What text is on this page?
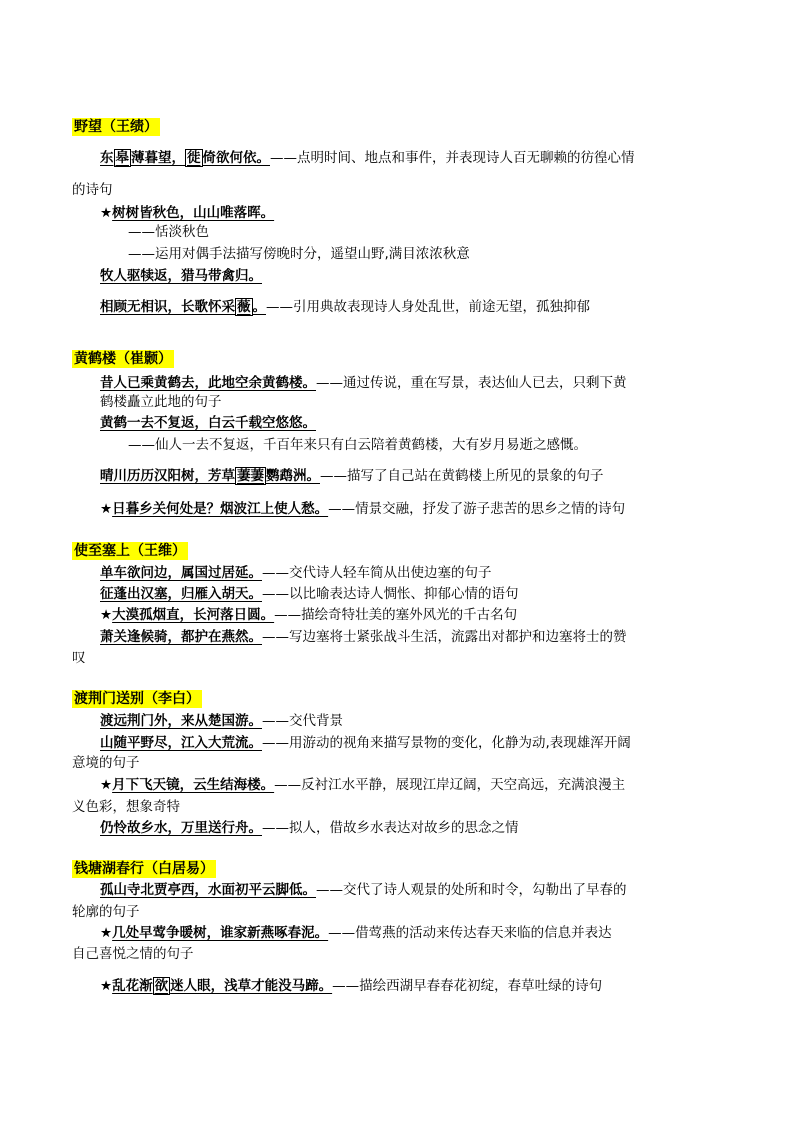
野望（王绩）
东 皋 薄暮望， 徙 倚欲何依。——点明时间、地点和事件，并表现诗人百无聊赖的彷徨心情
的诗句
★树树皆秋色，山山唯落晖。
——恬淡秋色
——运用对偶手法描写傍晚时分，遥望山野,满目浓浓秋意
牧人驱犊返，猎马带禽归。
相顾无相识，长歌怀采 薇 。——引用典故表现诗人身处乱世，前途无望，孤独抑郁
黄鹤楼（崔颢）
昔人已乘黄鹤去，此地空余黄鹤楼。——通过传说，重在写景，表达仙人已去，只剩下黄
鹤楼矗立此地的句子
黄鹤一去不复返，白云千载空悠悠。
——仙人一去不复返，千百年来只有白云陪着黄鹤楼，大有岁月易逝之感慨。
晴川历历汉阳树，芳草 萋萋 鹦鹉洲。——描写了自己站在黄鹤楼上所见的景象的句子
★日暮乡关何处是？烟波江上使人愁。——情景交融，抒发了游子悲苦的思乡之情的诗句
使至塞上（王维）
单车欲问边，属国过居延。——交代诗人轻车简从出使边塞的句子
征蓬出汉塞，归雁入胡天。——以比喻表达诗人惆怅、抑郁心情的语句
★大漠孤烟直，长河落日圆。——描绘奇特壮美的塞外风光的千古名句
萧关逢候骑，都护在燕然。——写边塞将士紧张战斗生活，流露出对都护和边塞将士的赞
叹
渡荆门送别（李白）
渡远荆门外，来从楚国游。——交代背景
山随平野尽，江入大荒流。——用游动的视角来描写景物的变化，化静为动,表现雄浑开阔
意境的句子
★月下飞天镜，云生结海楼。——反衬江水平静，展现江岸辽阔，天空高远，充满浪漫主
义色彩，想象奇特
仍怜故乡水，万里送行舟。——拟人，借故乡水表达对故乡的思念之情
钱塘湖春行（白居易）
孤山寺北贾亭西，水面初平云脚低。——交代了诗人观景的处所和时令，勾勒出了早春的
轮廓的句子
★几处早莺争暖树，谁家新燕啄春泥。——借莺燕的活动来传达春天来临的信息并表达
自己喜悦之情的句子
★乱花渐 欲 迷人眼，浅草才能没马蹄。——描绘西湖早春春花初绽，春草吐绿的诗句
